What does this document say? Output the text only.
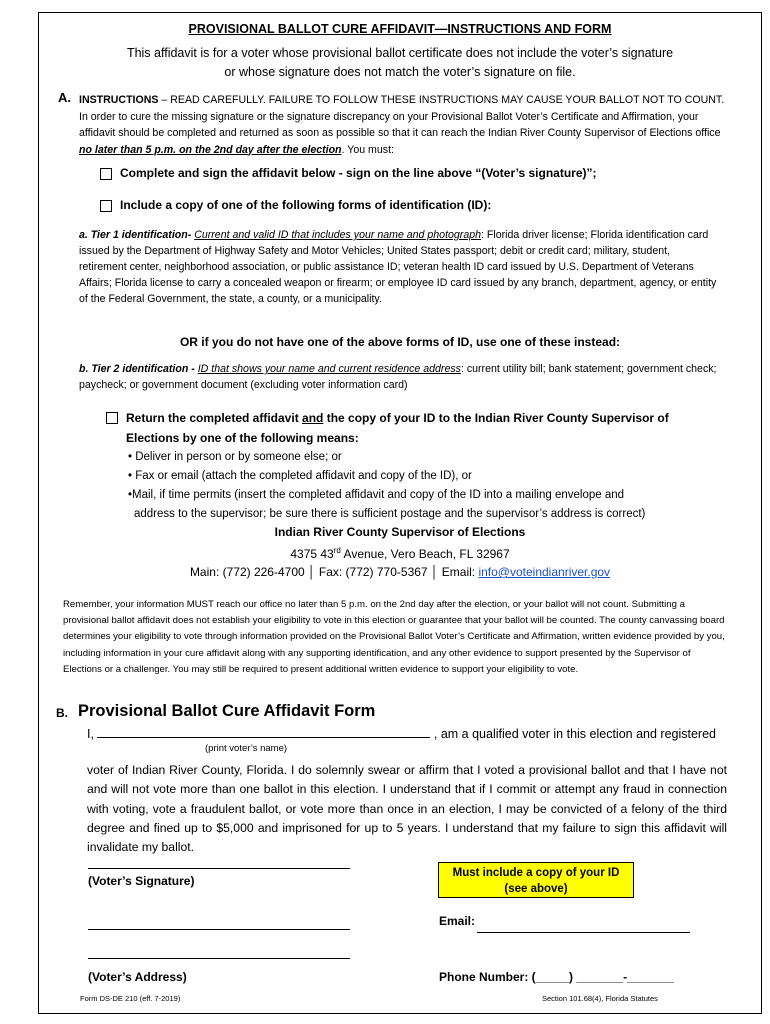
PROVISIONAL BALLOT CURE AFFIDAVIT—INSTRUCTIONS AND FORM
This affidavit is for a voter whose provisional ballot certificate does not include the voter’s signature
or whose signature does not match the voter’s signature on file.
A. INSTRUCTIONS – READ CAREFULLY. FAILURE TO FOLLOW THESE INSTRUCTIONS MAY CAUSE YOUR BALLOT NOT TO COUNT. In order to cure the missing signature or the signature discrepancy on your Provisional Ballot Voter’s Certificate and Affirmation, your affidavit should be completed and returned as soon as possible so that it can reach the Indian River County Supervisor of Elections office no later than 5 p.m. on the 2nd day after the election. You must:
Complete and sign the affidavit below - sign on the line above “(Voter’s signature)”;
Include a copy of one of the following forms of identification (ID):
a. Tier 1 identification- Current and valid ID that includes your name and photograph: Florida driver license; Florida identification card issued by the Department of Highway Safety and Motor Vehicles; United States passport; debit or credit card; military, student, retirement center, neighborhood association, or public assistance ID; veteran health ID card issued by U.S. Department of Veterans Affairs; Florida license to carry a concealed weapon or firearm; or employee ID card issued by any branch, department, agency, or entity of the Federal Government, the state, a county, or a municipality.
OR if you do not have one of the above forms of ID, use one of these instead:
b. Tier 2 identification - ID that shows your name and current residence address: current utility bill; bank statement; government check; paycheck; or government document (excluding voter information card)
Return the completed affidavit and the copy of your ID to the Indian River County Supervisor of Elections by one of the following means:
• Deliver in person or by someone else; or
• Fax or email (attach the completed affidavit and copy of the ID), or
•Mail, if time permits (insert the completed affidavit and copy of the ID into a mailing envelope and
address to the supervisor; be sure there is sufficient postage and the supervisor’s address is correct)
Indian River County Supervisor of Elections
4375 43rd Avenue, Vero Beach, FL 32967
Main: (772) 226-4700 │ Fax: (772) 770-5367 │ Email: info@voteindianriver.gov
Remember, your information MUST reach our office no later than 5 p.m. on the 2nd day after the election, or your ballot will not count. Submitting a provisional ballot affidavit does not establish your eligibility to vote in this election or guarantee that your ballot will be counted. The county canvassing board determines your eligibility to vote through information provided on the Provisional Ballot Voter’s Certificate and Affirmation, written evidence provided by you, including information in your cure affidavit along with any supporting identification, and any other evidence to support presented by the Supervisor of Elections or a challenger. You may still be required to present additional written evidence to support your eligibility to vote.
B. Provisional Ballot Cure Affidavit Form
I,	, am a qualified voter in this election and registered
(print voter’s name)
voter of Indian River County, Florida. I do solemnly swear or affirm that I voted a provisional ballot and that I have not and will not vote more than one ballot in this election. I understand that if I commit or attempt any fraud in connection with voting, vote a fraudulent ballot, or vote more than once in an election, I may be convicted of a felony of the third degree and fined up to $5,000 and imprisoned for up to 5 years. I understand that my failure to sign this affidavit will invalidate my ballot.
(Voter’s Signature)
Must include a copy of your ID
(see above)
Email:
(Voter’s Address)	Phone Number: (_____) _______-_______
Form DS-DE 210 (eff. 7-2019)	Section 101.68(4), Florida Statutes
